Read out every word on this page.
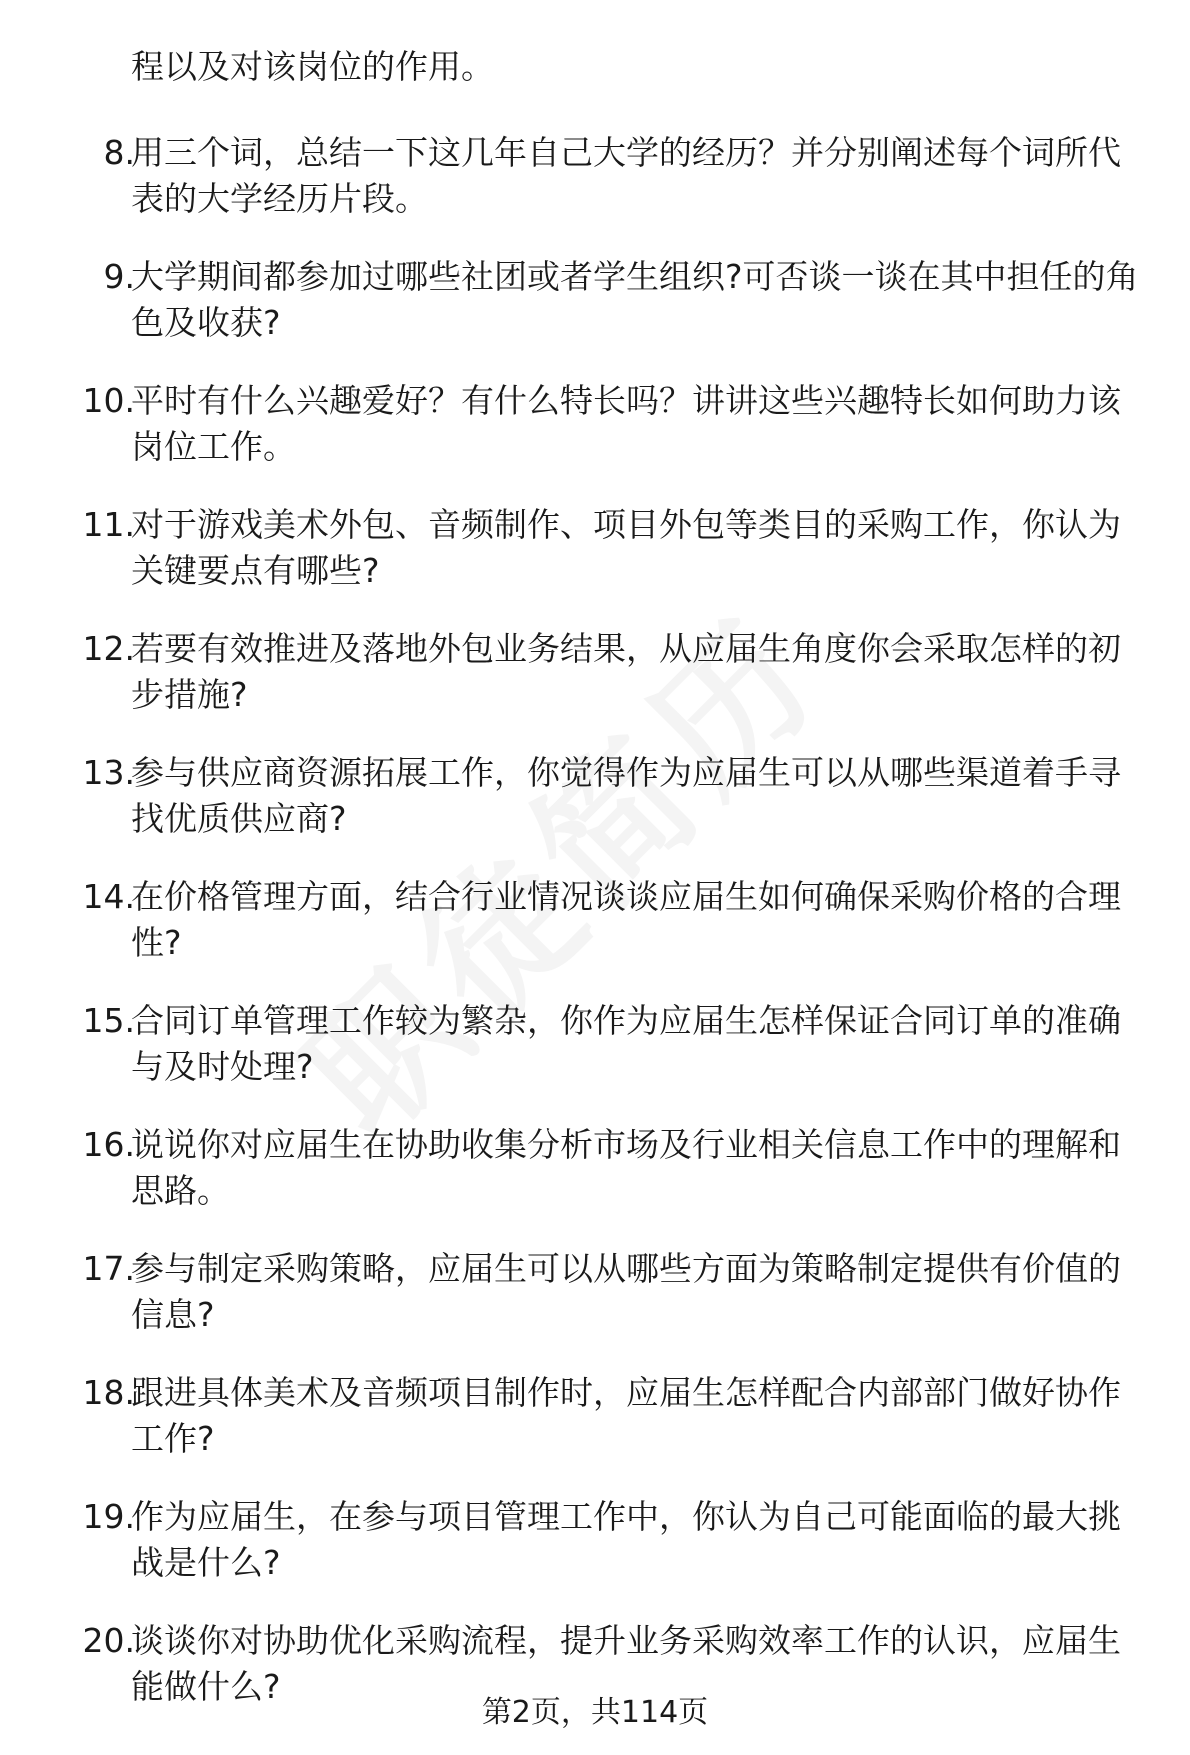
程以及对该岗位的作用。
8.
用三个词，总结一下这几年自己大学的经历？并分别阐述每个词所代表的大学经历片段。
9.
大学期间都参加过哪些社团或者学生组织?可否谈一谈在其中担任的角色及收获?
10.
平时有什么兴趣爱好？有什么特长吗？讲讲这些兴趣特长如何助力该岗位工作。
11.
对于游戏美术外包、音频制作、项目外包等类目的采购工作，你认为关键要点有哪些?
12.
若要有效推进及落地外包业务结果，从应届生角度你会采取怎样的初步措施?
13.
参与供应商资源拓展工作，你觉得作为应届生可以从哪些渠道着手寻找优质供应商?
14.
在价格管理方面，结合行业情况谈谈应届生如何确保采购价格的合理性?
15.
合同订单管理工作较为繁杂，你作为应届生怎样保证合同订单的准确与及时处理?
16.
说说你对应届生在协助收集分析市场及行业相关信息工作中的理解和思路。
17.
参与制定采购策略，应届生可以从哪些方面为策略制定提供有价值的信息?
18.
跟进具体美术及音频项目制作时，应届生怎样配合内部部门做好协作工作?
19.
作为应届生，在参与项目管理工作中，你认为自己可能面临的最大挑战是什么?
20.
谈谈你对协助优化采购流程，提升业务采购效率工作的认识，应届生能做什么?
第2页，共114页
